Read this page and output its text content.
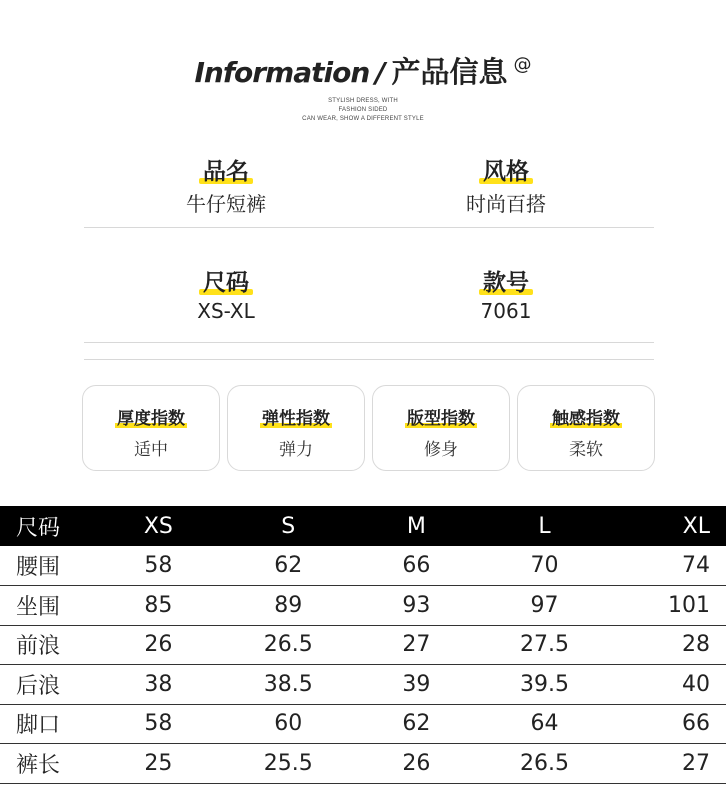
Information / 产品信息 @
STYLISH DRESS, WITH
FASHION SIDED
CAN WEAR, SHOW A DIFFERENT STYLE
品名
牛仔短裤
风格
时尚百搭
尺码
XS-XL
款号
7061
厚度指数
适中
弹性指数
弹力
版型指数
修身
触感指数
柔软
尺码	XS	S	M	L	XL
腰围	58	62	66	70	74
坐围	85	89	93	97	101
前浪	26	26.5	27	27.5	28
后浪	38	38.5	39	39.5	40
脚口	58	60	62	64	66
裤长	25	25.5	26	26.5	27
